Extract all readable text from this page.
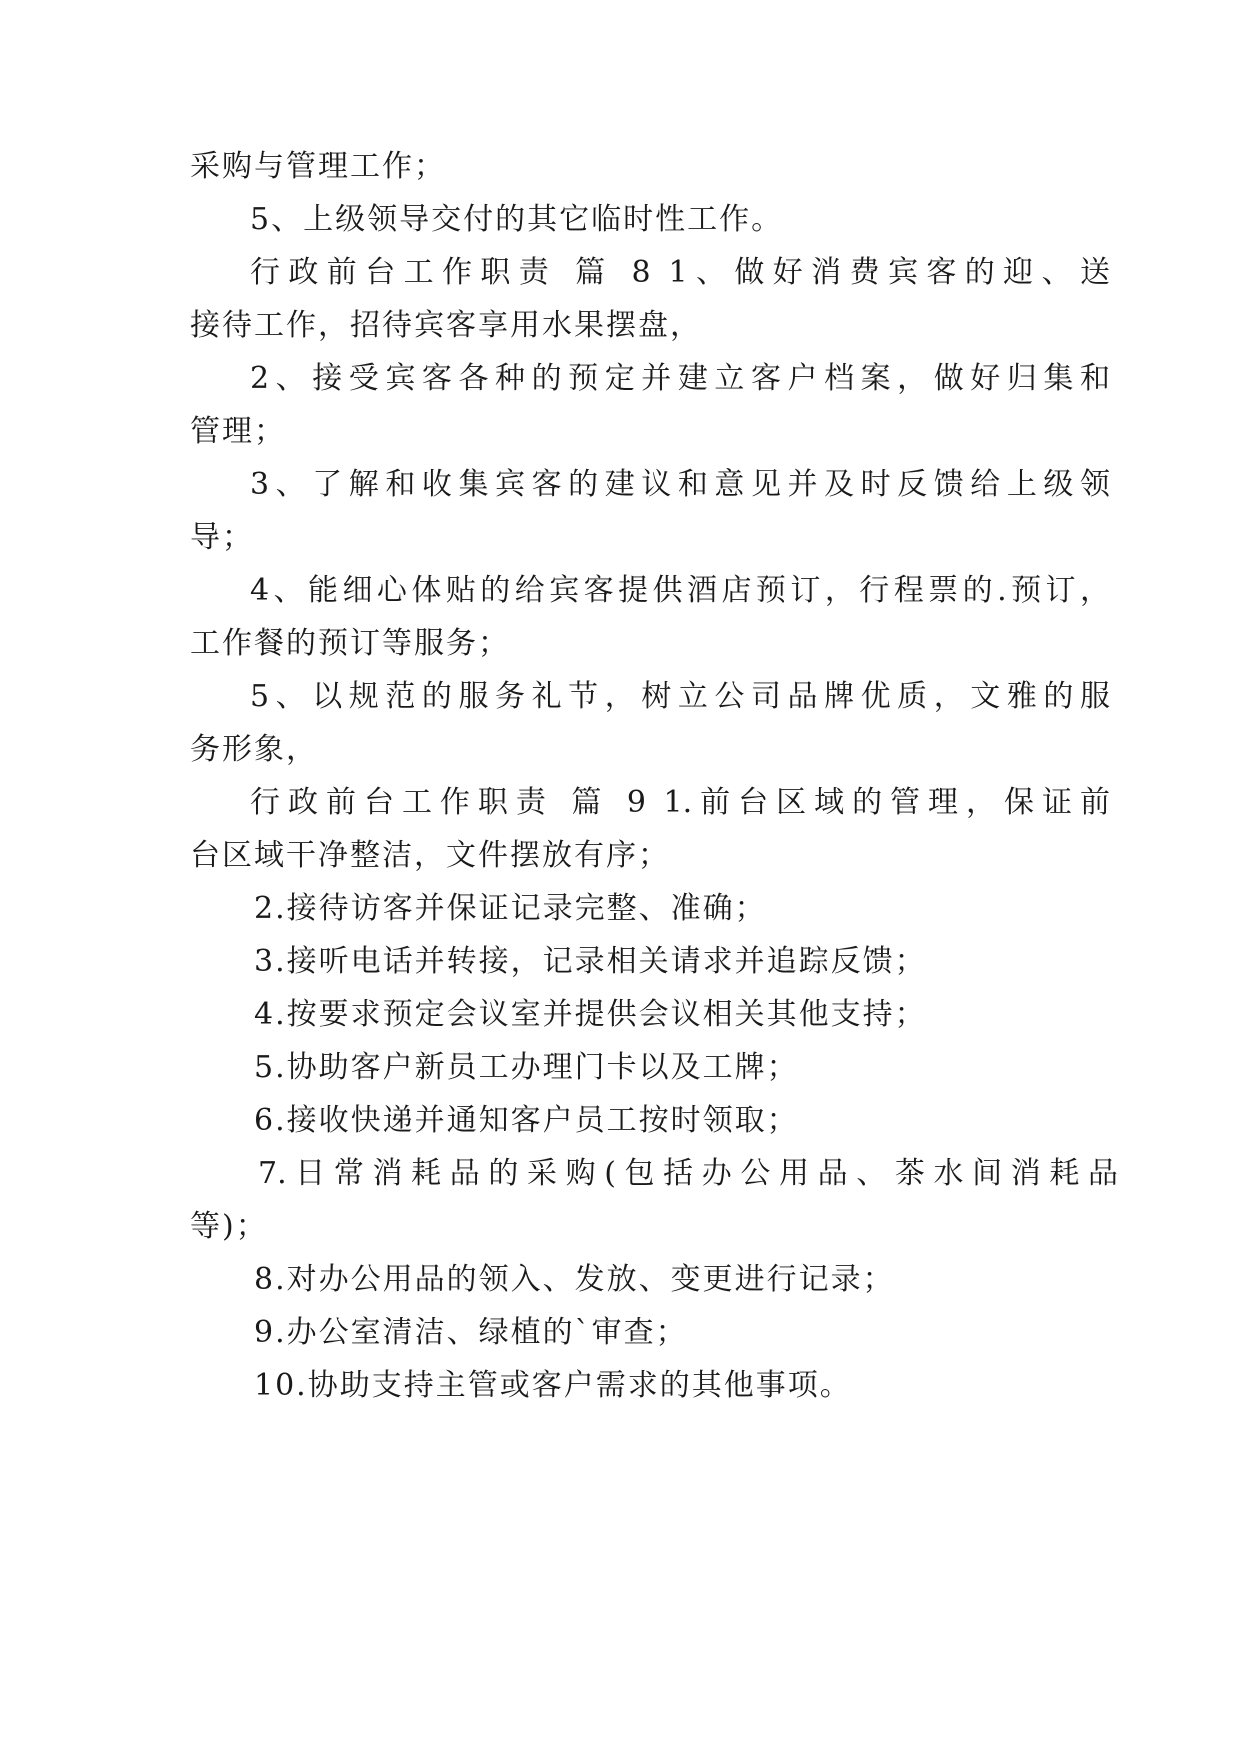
采购与管理工作；
5、上级领导交付的其它临时性工作。
行政前台工作职责 篇 8 1、做好消费宾客的迎、送
接待工作，招待宾客享用水果摆盘，
2、接受宾客各种的预定并建立客户档案，做好归集和
管理；
3、了解和收集宾客的建议和意见并及时反馈给上级领
导；
4、能细心体贴的给宾客提供酒店预订，行程票的.预订，
工作餐的预订等服务；
5、以规范的服务礼节，树立公司品牌优质，文雅的服
务形象，
行政前台工作职责 篇 9 1.前台区域的管理，保证前
台区域干净整洁，文件摆放有序；
2.接待访客并保证记录完整、准确；
3.接听电话并转接，记录相关请求并追踪反馈；
4.按要求预定会议室并提供会议相关其他支持；
5.协助客户新员工办理门卡以及工牌；
6.接收快递并通知客户员工按时领取；
7.日常消耗品的采购(包括办公用品、茶水间消耗品
等)；
8.对办公用品的领入、发放、变更进行记录；
9.办公室清洁、绿植的`审查；
10.协助支持主管或客户需求的其他事项。
